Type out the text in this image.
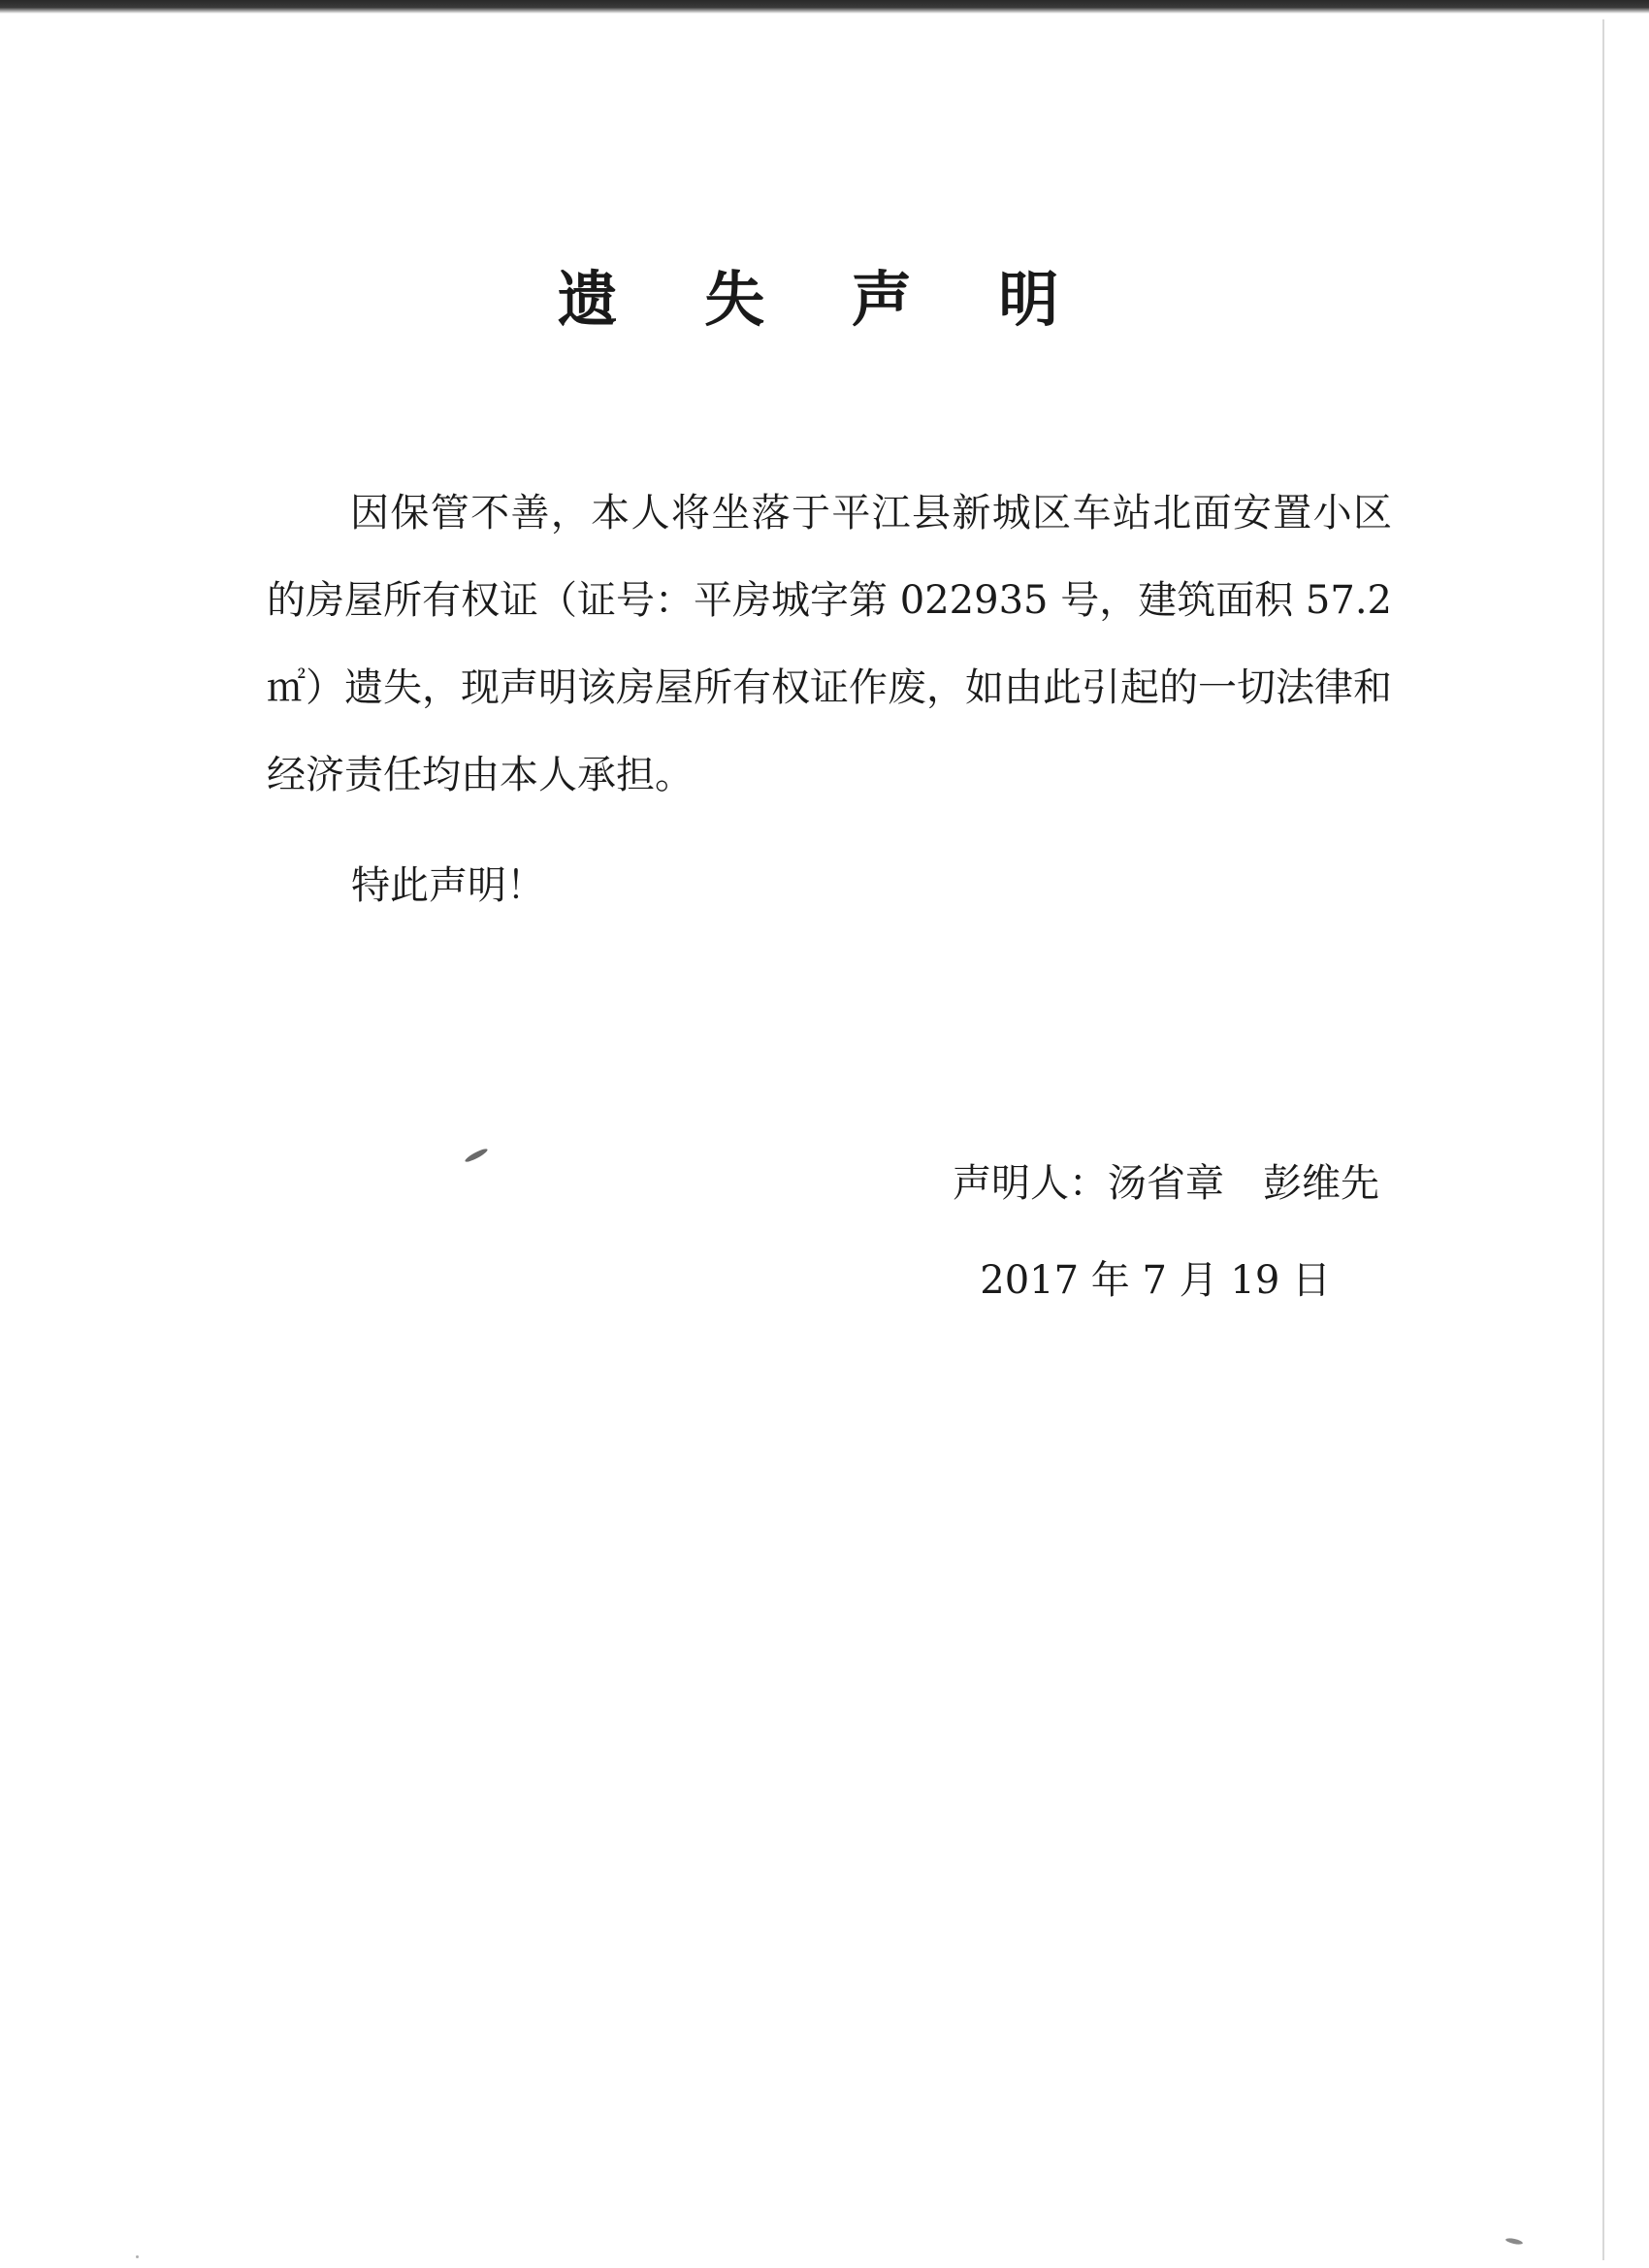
遗 失 声 明

因保管不善，本人将坐落于平江县新城区车站北面安置小区的房屋所有权证（证号：平房城字第 022935 号，建筑面积 57.2 ㎡）遗失，现声明该房屋所有权证作废，如由此引起的一切法律和经济责任均由本人承担。

特此声明！

声明人：汤省章　彭维先
2017 年 7 月 19 日
